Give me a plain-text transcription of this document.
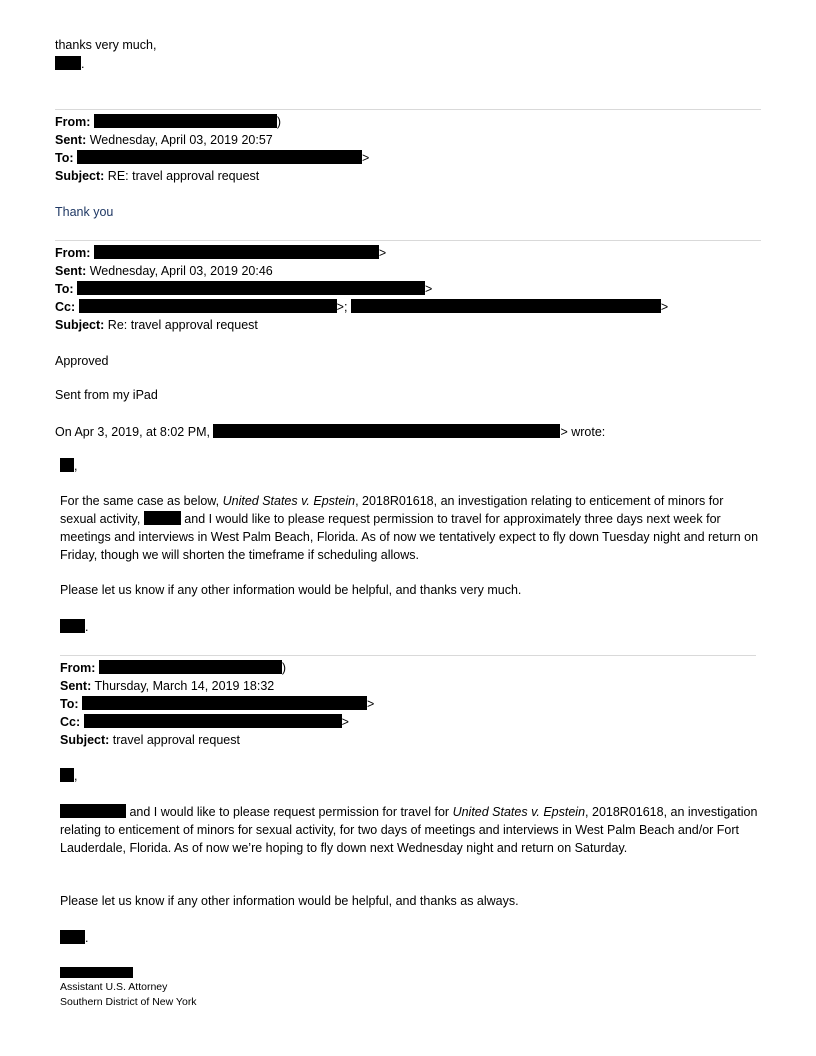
thanks very much,
.
From:	)
Sent: Wednesday, April 03, 2019 20:57
To:	>
Subject: RE: travel approval request
Thank you
From:	>
Sent: Wednesday, April 03, 2019 20:46
To:	>
Cc:	>;	>
Subject: Re: travel approval request
Approved
Sent from my iPad
On Apr 3, 2019, at 8:02 PM,	> wrote:
,
For the same case as below, United States v. Epstein, 2018R01618, an investigation relating to enticement of minors for sexual activity,	and I would like to please request permission to travel for approximately three days next week for meetings and interviews in West Palm Beach, Florida. As of now we tentatively expect to fly down Tuesday night and return on Friday, though we will shorten the timeframe if scheduling allows.
Please let us know if any other information would be helpful, and thanks very much.
.
From:	)
Sent: Thursday, March 14, 2019 18:32
To:	>
Cc:	>
Subject: travel approval request
,
and I would like to please request permission for travel for United States v. Epstein, 2018R01618, an investigation relating to enticement of minors for sexual activity, for two days of meetings and interviews in West Palm Beach and/or Fort Lauderdale, Florida. As of now we’re hoping to fly down next Wednesday night and return on Saturday.
Please let us know if any other information would be helpful, and thanks as always.
.
Assistant U.S. Attorney
Southern District of New York
